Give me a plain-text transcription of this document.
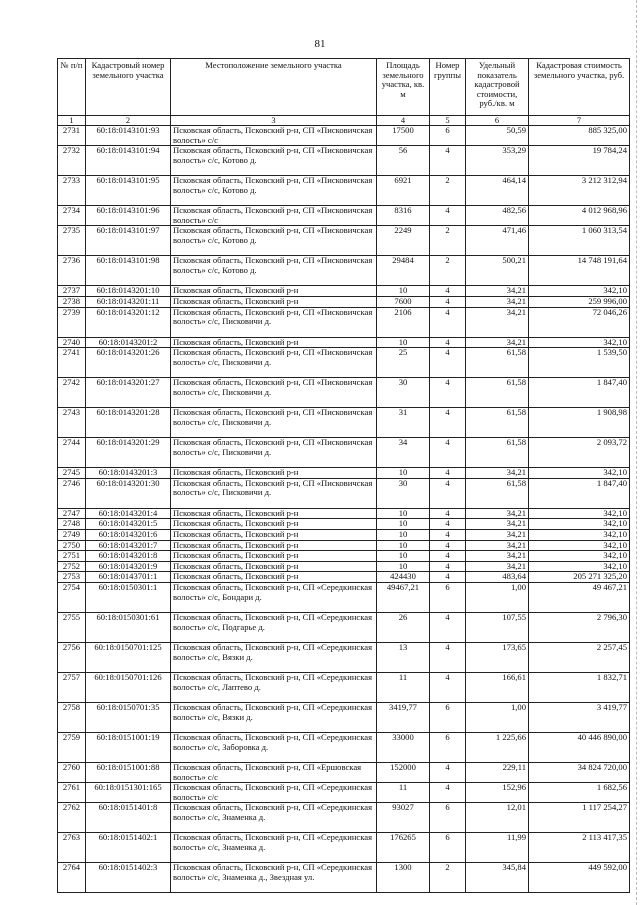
81
№ п/п	Кадастровый номер земельного участка	Местоположение земельного участка	Площадь земельного участка, кв. м	Номер группы	Удельный показатель кадастровой стоимости, руб./кв. м	Кадастровая стоимость земельного участка, руб.
1	2	3	4	5	6	7
2731	60:18:0143101:93	Псковская область, Псковский р-н, СП «Писковичская волость» с/с	17500	6	50,59	885 325,00
2732	60:18:0143101:94	Псковская область, Псковский р-н, СП «Писковичская волость» с/с, Котово д.	56	4	353,29	19 784,24
2733	60:18:0143101:95	Псковская область, Псковский р-н, СП «Писковичская волость» с/с, Котово д.	6921	2	464,14	3 212 312,94
2734	60:18:0143101:96	Псковская область, Псковский р-н, СП «Писковичская волость» с/с	8316	4	482,56	4 012 968,96
2735	60:18:0143101:97	Псковская область, Псковский р-н, СП «Писковичская волость» с/с, Котово д.	2249	2	471,46	1 060 313,54
2736	60:18:0143101:98	Псковская область, Псковский р-н, СП «Писковичская волость» с/с, Котово д.	29484	2	500,21	14 748 191,64
2737	60:18:0143201:10	Псковская область, Псковский р-н	10	4	34,21	342,10
2738	60:18:0143201:11	Псковская область, Псковский р-н	7600	4	34,21	259 996,00
2739	60:18:0143201:12	Псковская область, Псковский р-н, СП «Писковичская волость» с/с, Писковичи д.	2106	4	34,21	72 046,26
2740	60:18:0143201:2	Псковская область, Псковский р-н	10	4	34,21	342,10
2741	60:18:0143201:26	Псковская область, Псковский р-н, СП «Писковичская волость» с/с, Писковичи д.	25	4	61,58	1 539,50
2742	60:18:0143201:27	Псковская область, Псковский р-н, СП «Писковичская волость» с/с, Писковичи д.	30	4	61,58	1 847,40
2743	60:18:0143201:28	Псковская область, Псковский р-н, СП «Писковичская волость» с/с, Писковичи д.	31	4	61,58	1 908,98
2744	60:18:0143201:29	Псковская область, Псковский р-н, СП «Писковичская волость» с/с, Писковичи д.	34	4	61,58	2 093,72
2745	60:18:0143201:3	Псковская область, Псковский р-н	10	4	34,21	342,10
2746	60:18:0143201:30	Псковская область, Псковский р-н, СП «Писковичская волость» с/с, Писковичи д.	30	4	61,58	1 847,40
2747	60:18:0143201:4	Псковская область, Псковский р-н	10	4	34,21	342,10
2748	60:18:0143201:5	Псковская область, Псковский р-н	10	4	34,21	342,10
2749	60:18:0143201:6	Псковская область, Псковский р-н	10	4	34,21	342,10
2750	60:18:0143201:7	Псковская область, Псковский р-н	10	4	34,21	342,10
2751	60:18:0143201:8	Псковская область, Псковский р-н	10	4	34,21	342,10
2752	60:18:0143201:9	Псковская область, Псковский р-н	10	4	34,21	342,10
2753	60:18:0143701:1	Псковская область, Псковский р-н	424430	4	483,64	205 271 325,20
2754	60:18:0150301:1	Псковская область, Псковский р-н, СП «Середкинская волость» с/с, Бондари д.	49467,21	6	1,00	49 467,21
2755	60:18:0150301:61	Псковская область, Псковский р-н, СП «Середкинская волость» с/с, Подгарье д.	26	4	107,55	2 796,30
2756	60:18:0150701:125	Псковская область, Псковский р-н, СП «Середкинская волость» с/с, Вязки д.	13	4	173,65	2 257,45
2757	60:18:0150701:126	Псковская область, Псковский р-н, СП «Середкинская волость» с/с, Лаптево д.	11	4	166,61	1 832,71
2758	60:18:0150701:35	Псковская область, Псковский р-н, СП «Середкинская волость» с/с, Вязки д.	3419,77	6	1,00	3 419,77
2759	60:18:0151001:19	Псковская область, Псковский р-н, СП «Середкинская волость» с/с, Заборовка д.	33000	6	1 225,66	40 446 890,00
2760	60:18:0151001:88	Псковская область, Псковский р-н, СП «Ершовская волость» с/с	152000	4	229,11	34 824 720,00
2761	60:18:0151301:165	Псковская область, Псковский р-н, СП «Середкинская волость» с/с	11	4	152,96	1 682,56
2762	60:18:0151401:8	Псковская область, Псковский р-н, СП «Середкинская волость» с/с, Знаменка д.	93027	6	12,01	1 117 254,27
2763	60:18:0151402:1	Псковская область, Псковский р-н, СП «Середкинская волость» с/с, Знаменка д.	176265	6	11,99	2 113 417,35
2764	60:18:0151402:3	Псковская область, Псковский р-н, СП «Середкинская волость» с/с, Знаменка д., Звездная ул.	1300	2	345,84	449 592,00
